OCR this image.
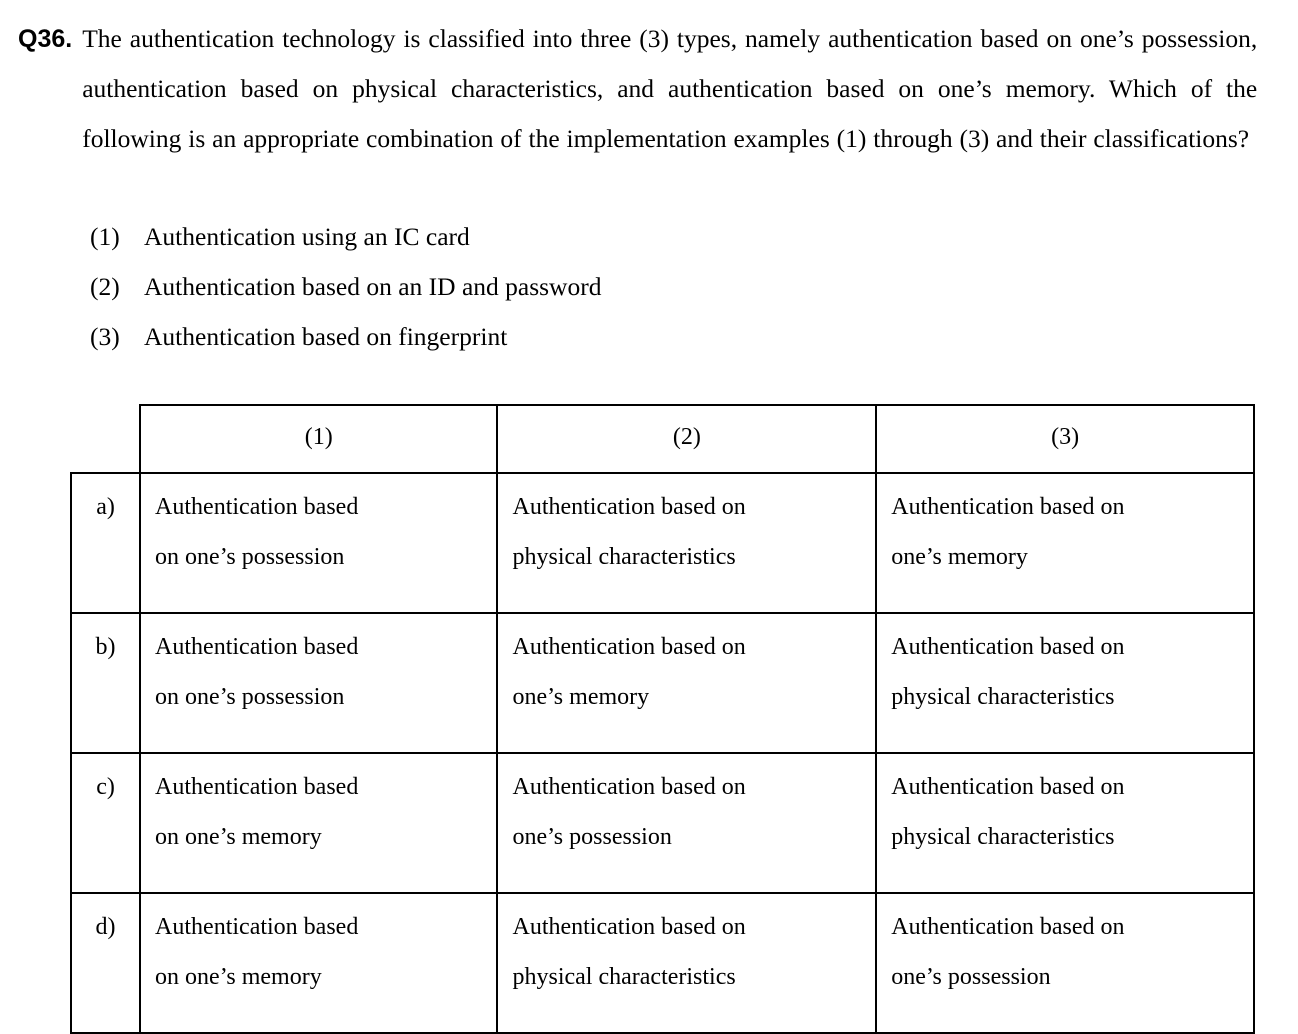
Q36. The authentication technology is classified into three (3) types, namely authentication based on one’s possession, authentication based on physical characteristics, and authentication based on one’s memory. Which of the following is an appropriate combination of the implementation examples (1) through (3) and their classifications?
(1) Authentication using an IC card
(2) Authentication based on an ID and password
(3) Authentication based on fingerprint
	(1)	(2)	(3)
a)	Authentication based
on one’s possession	Authentication based on
physical characteristics	Authentication based on
one’s memory

b)	Authentication based
on one’s possession	Authentication based on
one’s memory	Authentication based on
physical characteristics

c)	Authentication based
on one’s memory	Authentication based on
one’s possession	Authentication based on
physical characteristics

d)	Authentication based
on one’s memory	Authentication based on
physical characteristics	Authentication based on
one’s possession
